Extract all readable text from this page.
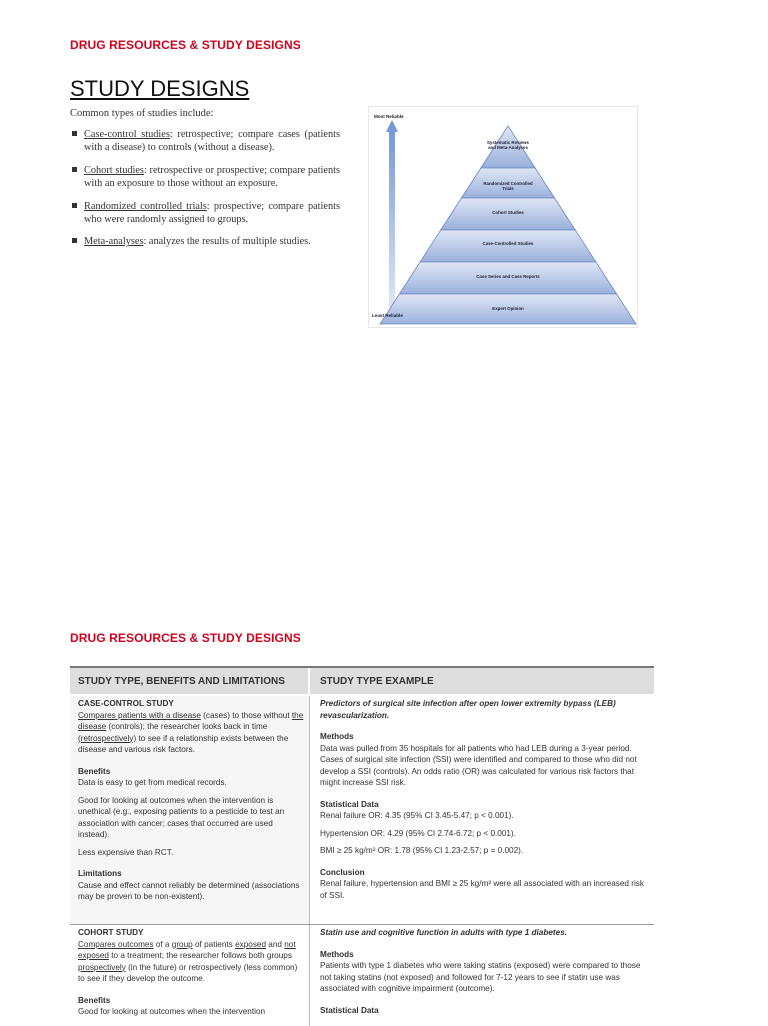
DRUG RESOURCES & STUDY DESIGNS
STUDY DESIGNS
Common types of studies include:
Case-control studies: retrospective; compare cases (patients with a disease) to controls (without a disease).
Cohort studies: retrospective or prospective; compare patients with an exposure to those without an exposure.
Randomized controlled trials: prospective; compare patients who were randomly assigned to groups.
Meta-analyses: analyzes the results of multiple studies.
Most Reliable
Least Reliable
Systematic Reviews and Meta-Analyses
Randomized Controlled Trials
Cohort Studies
Case-Controlled Studies
Case Series and Case Reports
Expert Opinion
DRUG RESOURCES & STUDY DESIGNS
STUDY TYPE, BENEFITS AND LIMITATIONS	STUDY TYPE EXAMPLE
CASE-CONTROL STUDY

Compares patients with a disease (cases) to those without the disease (controls); the researcher looks back in time (retrospectively) to see if a relationship exists between the disease and various risk factors.

Benefits

Data is easy to get from medical records.

Good for looking at outcomes when the intervention is unethical (e.g., exposing patients to a pesticide to test an association with cancer; cases that occurred are used instead).

Less expensive than RCT.

Limitations

Cause and effect cannot reliably be determined (associations may be proven to be non-existent).

Predictors of surgical site infection after open lower extremity bypass (LEB) revascularization.
Methods

Data was pulled from 35 hospitals for all patients who had LEB during a 3-year period. Cases of surgical site infection (SSI) were identified and compared to those who did not develop a SSI (controls). An odds ratio (OR) was calculated for various risk factors that might increase SSI risk.

Statistical Data

Renal failure OR: 4.35 (95% CI 3.45-5.47; p < 0.001).

Hypertension OR: 4.29 (95% CI 2.74-6.72; p < 0.001).

BMI ≥ 25 kg/m² OR: 1.78 (95% CI 1.23-2.57; p = 0.002).

Conclusion

Renal failure, hypertension and BMI ≥ 25 kg/m² were all associated with an increased risk of SSI.

COHORT STUDY

Compares outcomes of a group of patients exposed and not exposed to a treatment; the researcher follows both groups prospectively (in the future) or retrospectively (less common) to see if they develop the outcome.

Benefits

Good for looking at outcomes when the intervention

Statin use and cognitive function in adults with type 1 diabetes.
Methods

Patients with type 1 diabetes who were taking statins (exposed) were compared to those not taking statins (not exposed) and followed for 7-12 years to see if statin use was associated with cognitive impairment (outcome).

Statistical Data
